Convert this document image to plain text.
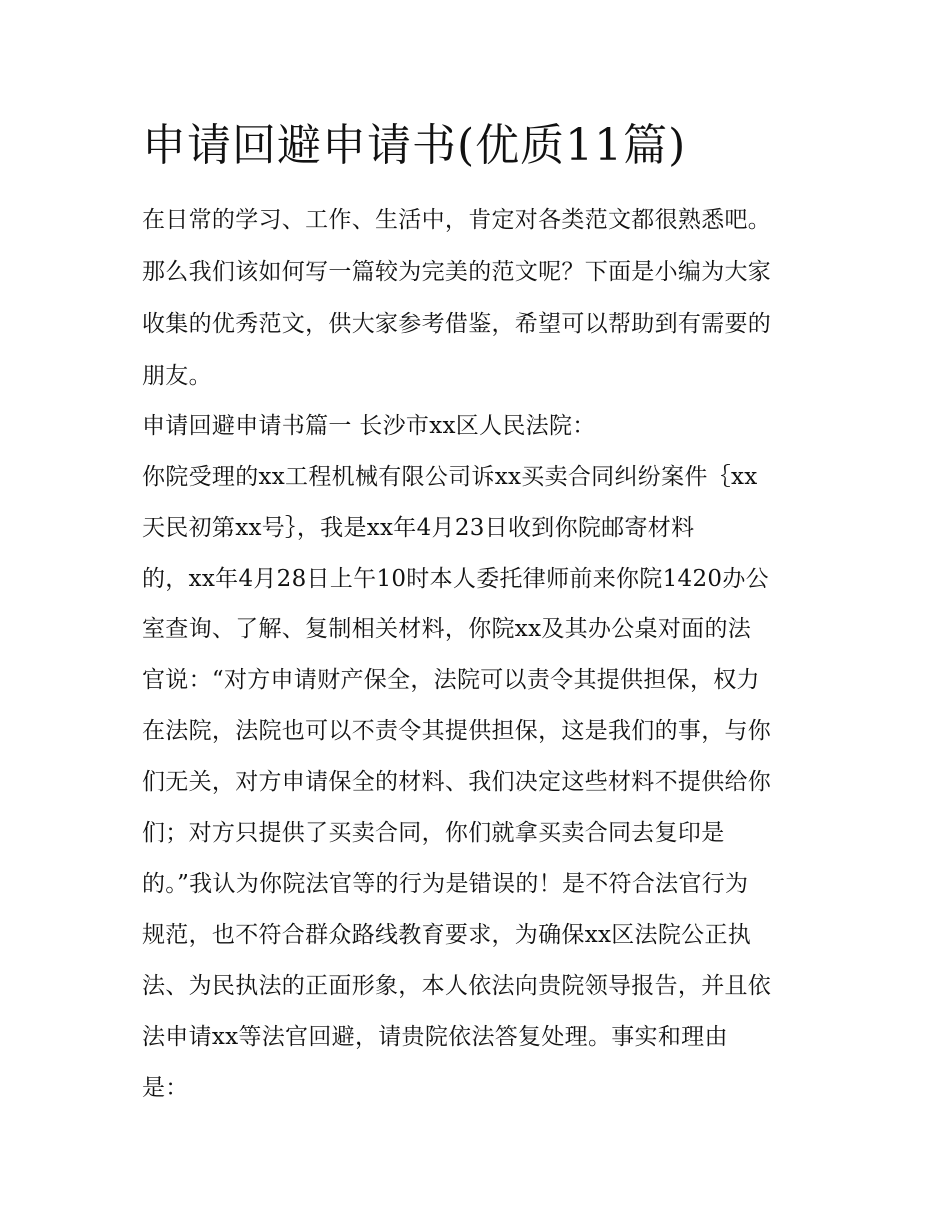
申请回避申请书(优质11篇)

在日常的学习、工作、生活中，肯定对各类范文都很熟悉吧。

那么我们该如何写一篇较为完美的范文呢？下面是小编为大家

收集的优秀范文，供大家参考借鉴，希望可以帮助到有需要的

朋友。

申请回避申请书篇一 长沙市xx区人民法院：

你院受理的xx工程机械有限公司诉xx买卖合同纠纷案件｛xx

天民初第xx号｝，我是xx年4月23日收到你院邮寄材料

的，xx年4月28日上午10时本人委托律师前来你院1420办公

室查询、了解、复制相关材料，你院xx及其办公桌对面的法

官说：“对方申请财产保全，法院可以责令其提供担保，权力

在法院，法院也可以不责令其提供担保，这是我们的事，与你

们无关，对方申请保全的材料、我们决定这些材料不提供给你

们；对方只提供了买卖合同，你们就拿买卖合同去复印是

的。”我认为你院法官等的行为是错误的！是不符合法官行为

规范，也不符合群众路线教育要求，为确保xx区法院公正执

法、为民执法的正面形象，本人依法向贵院领导报告，并且依

法申请xx等法官回避，请贵院依法答复处理。事实和理由

是：
